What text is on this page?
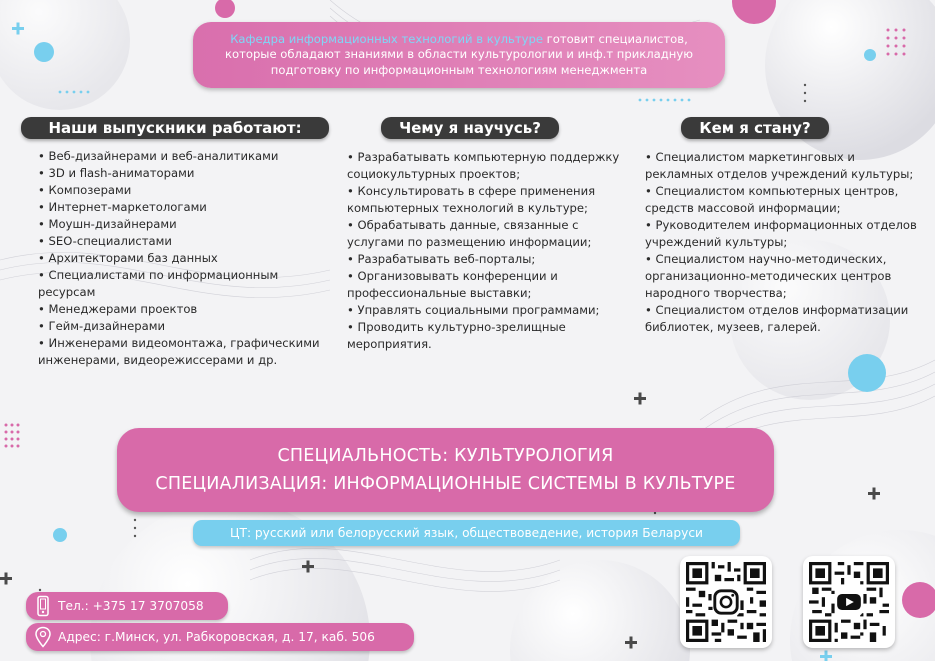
Кафедра информационных технологий в культуре готовит специалистов, которые обладают знаниями в области культурологии и инф.т прикладную подготовку по информационным технологиям менеджмента

Наши выпускники работают:	Чему я научусь?	Кем я стану?
• Веб-дизайнерами и веб-аналитиками
• 3D и flash-аниматорами
• Композерами
• Интернет-маркетологами
• Моушн-дизайнерами
• SEO-специалистами
• Архитекторами баз данных
• Специалистами по информационным ресурсам
• Менеджерами проектов
• Гейм-дизайнерами
• Инженерами видеомонтажа, графическими инженерами, видеорежиссерами и др.
• Разрабатывать компьютерную поддержку социокультурных проектов;
• Консультировать в сфере применения компьютерных технологий в культуре;
• Обрабатывать данные, связанные с услугами по размещению информации;
• Разрабатывать веб-порталы;
• Организовывать конференции и профессиональные выставки;
• Управлять социальными программами;
• Проводить культурно-зрелищные мероприятия.
• Специалистом маркетинговых и рекламных отделов учреждений культуры;
• Специалистом компьютерных центров, средств массовой информации;
• Руководителем информационных отделов учреждений культуры;
• Специалистом научно-методических, организационно-методических центров народного творчества;
• Специалистом отделов информатизации библиотек, музеев, галерей.
СПЕЦИАЛЬНОСТЬ: КУЛЬТУРОЛОГИЯ
СПЕЦИАЛИЗАЦИЯ: ИНФОРМАЦИОННЫЕ СИСТЕМЫ В КУЛЬТУРЕ
ЦТ: русский или белорусский язык, обществоведение, история Беларуси
Тел.: +375 17 3707058
Адрес: г.Минск, ул. Рабкоровская, д. 17, каб. 506
